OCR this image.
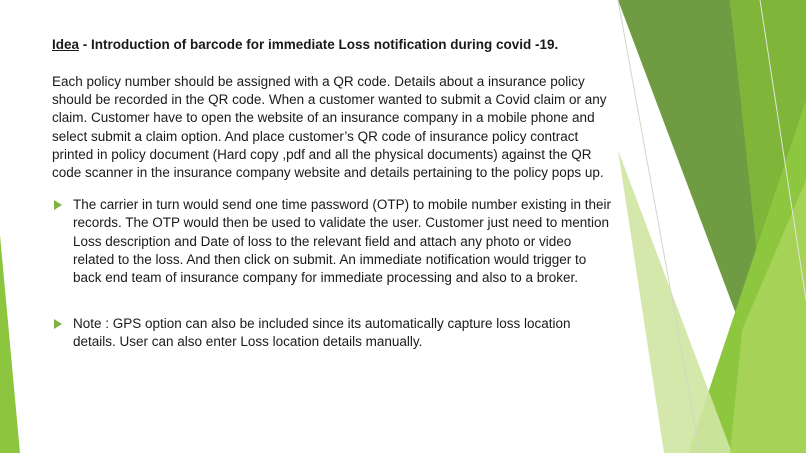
Idea - Introduction of barcode for immediate Loss notification during covid -19.

Each policy number should be assigned with a QR code. Details about a insurance policy should be recorded in the QR code. When a customer wanted to submit a Covid claim or any claim. Customer have to open the website of an insurance company in a mobile phone and select submit a claim option. And place customer’s QR code of insurance policy contract printed in policy document (Hard copy ,pdf and all the physical documents) against the QR code scanner in the insurance company website and details pertaining to the policy pops up.

The carrier in turn would send one time password (OTP) to mobile number existing in their records. The OTP would then be used to validate the user. Customer just need to mention Loss description and Date of loss to the relevant field and attach any photo or video related to the loss. And then click on submit. An immediate notification would trigger to back end team of insurance company for immediate processing and also to a broker.
Note : GPS option can also be included since its automatically capture loss location details. User can also enter Loss location details manually.
